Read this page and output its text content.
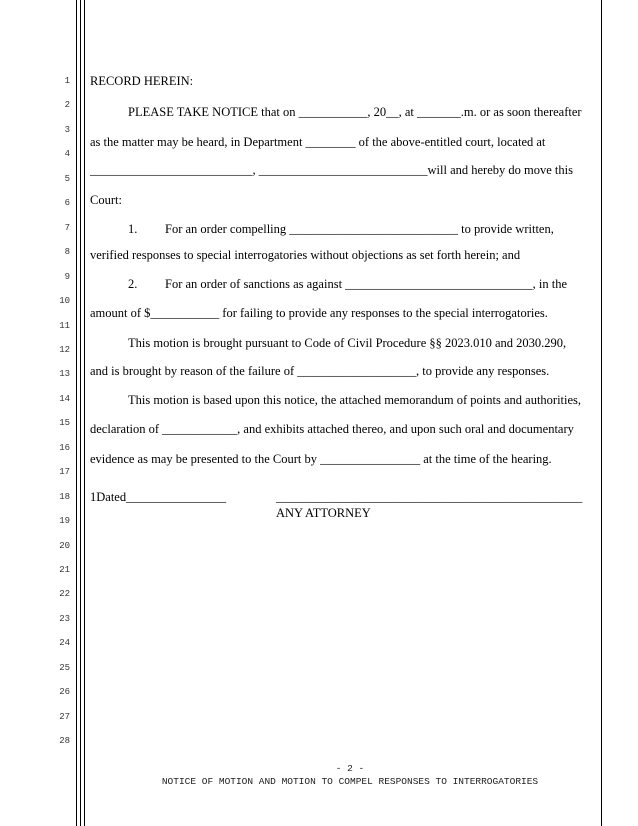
1
2
3
4
5
6
7
8
9
10
11
12
13
14
15
16
17
18
19
20
21
22
23
24
25
26
27
28
RECORD HEREIN:
PLEASE TAKE NOTICE that on ___________, 20__, at _______.m. or as soon thereafter
as the matter may be heard, in Department ________ of the above-entitled court, located at
__________________________, ___________________________will and hereby do move this
Court:
1. For an order compelling ___________________________ to provide written,
verified responses to special interrogatories without objections as set forth herein; and
2. For an order of sanctions as against ______________________________, in the
amount of $___________ for failing to provide any responses to the special interrogatories.
This motion is brought pursuant to Code of Civil Procedure §§ 2023.010 and 2030.290,
and is brought by reason of the failure of ___________________, to provide any responses.
This motion is based upon this notice, the attached memorandum of points and authorities,
declaration of ____________, and exhibits attached thereo, and upon such oral and documentary
evidence as may be presented to the Court by ________________ at the time of the hearing.
1Dated________________	_________________________________________________
ANY ATTORNEY
- 2 -
NOTICE OF MOTION AND MOTION TO COMPEL RESPONSES TO INTERROGATORIES
